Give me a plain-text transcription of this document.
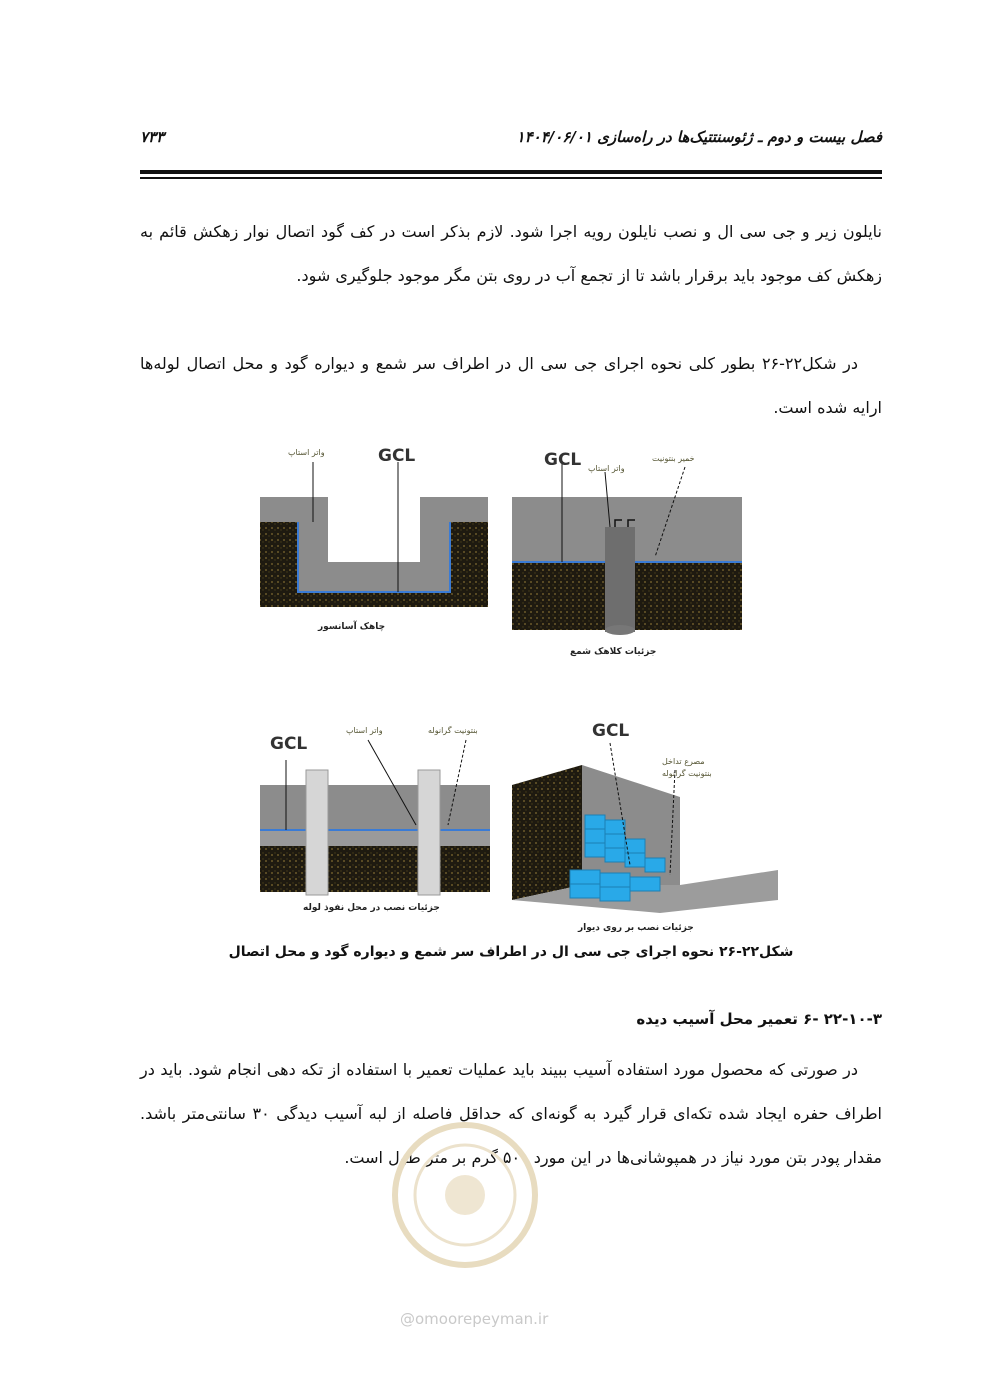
فصل بیست و دوم ـ ژئوسنتتیک‌ها در راه‌سازی ۱۴۰۴/۰۶/۰۱
۷۳۳
نایلون زیر و جی سی ال و نصب نایلون رویه اجرا شود. لازم بذکر است در کف گود اتصال نوار زهکش قائم به زهکش کف موجود باید برقرار باشد تا از تجمع آب در روی بتن مگر موجود جلوگیری شود.
در شکل۲۲-۲۶ بطور کلی نحوه اجرای جی سی ال در اطراف سر شمع و دیواره گود و محل اتصال لوله‌ها ارایه شده است.
GCL
واتر استاپ
چاهک آسانسور
GCL واتر استاپ
خمیر بنتونیت
جزئیات کلاهک شمع
GCL
واتر استاپ	بنتونیت گرانوله
جزئیات نصب در محل نفوذ لوله
GCL
مصرع تداخل
بنتونیت گرانوله
جزئیات نصب بر روی دیوار
شکل۲۲-۲۶ نحوه اجرای جی سی ال در اطراف سر شمع و دیواره گود و محل اتصال
۲۲-۱۰-۳ -۶ تعمیر محل آسیب دیده
در صورتی که محصول مورد استفاده آسیب ببیند باید عملیات تعمیر با استفاده از تکه دهی انجام شود. باید در اطراف حفره ایجاد شده تکه‌ای قرار گیرد به گونه‌ای که حداقل فاصله از لبه آسیب دیدگی ۳۰ سانتی‌متر باشد. مقدار پودر بتن مورد نیاز در همپوشانی‌ها در این مورد ۵۰۰ گرم بر متر طول است.
@omoorepeyman.ir
